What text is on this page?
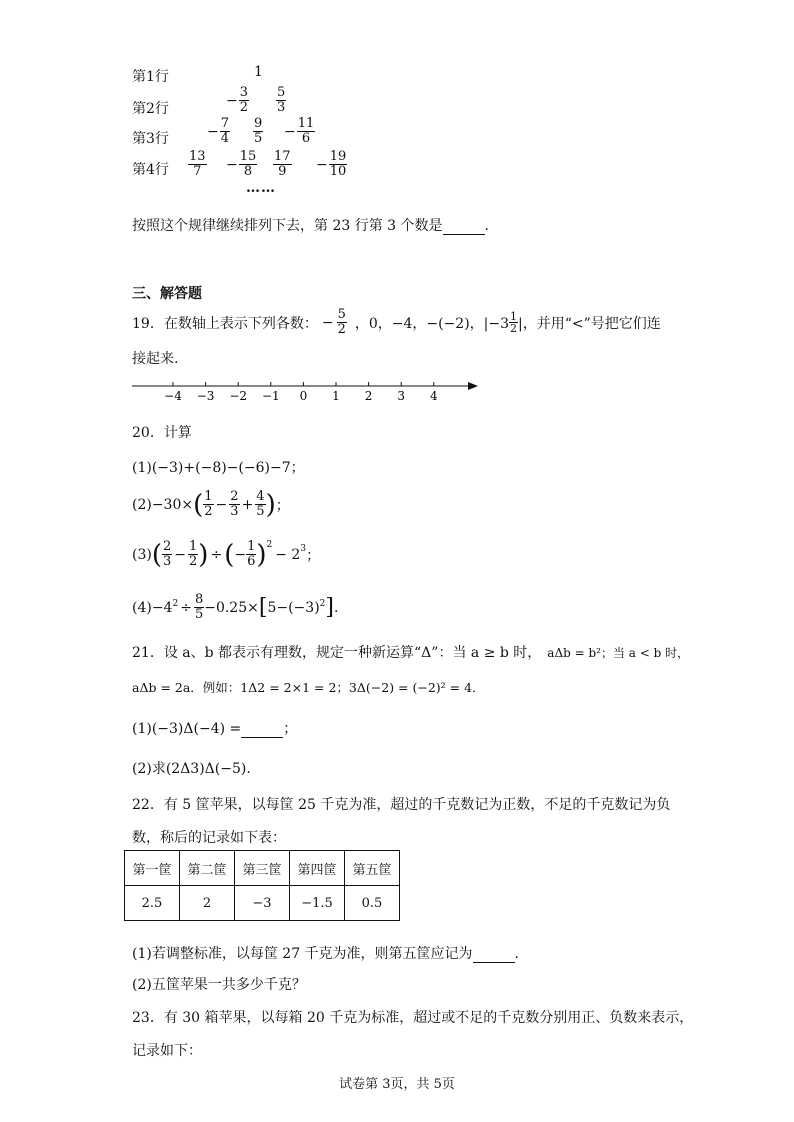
第1行	1
第2行
− $\frac{3}{2} \frac{5}{3}$
第3行	− $\frac{7}{4} \frac{9}{5} - \frac{11}{6}$
第4行 $\frac{13}{7} - \frac{15}{8} \frac{17}{9} - \frac{19}{10}$
……
按照这个规律继续排列下去，第 23 行第 3 个数是	.
三、解答题
19．在数轴上表示下列各数： − $\frac{5}{2}$ ，0，−4，−(−2)，$|-3 \frac{1}{2}$ |，并用“<”号把它们连
接起来.
−4 −3 −2 −1 0 1 2 3 4
20．计算
(1)(−3)+(−8)−(−6)−7；
(2)−30× ( $\frac{1}{2} - \frac{2}{3} + \frac{4}{5}$ ) ；
(3) ( $\frac{2}{3} - \frac{1}{2}$ ) ÷ ( − $\frac{1}{6}$ ) 2
− 2 3 ；
(4)−4 $2 \div \frac{8}{5} -0.25\times$ [ 5−(−3) 2 ] .
21．设 a、b 都表示有理数，规定一种新运算“Δ”：当 a ≥ b 时， aΔb = b²；当 a < b 时，
aΔb = 2a．例如：1Δ2 = 2×1 = 2；3Δ(−2) = (−2)² = 4．
(1)(−3)Δ(−4) =	；
(2)求(2Δ3)Δ(−5).
22．有 5 筐苹果，以每筐 25 千克为准，超过的千克数记为正数，不足的千克数记为负
数，称后的记录如下表：
第一筐	第二筐	第三筐	第四筐	第五筐
2.5	2	−3	−1.5	0.5
(1)若调整标准，以每筐 27 千克为准，则第五筐应记为	.
(2)五筐苹果一共多少千克？
23．有 30 箱苹果，以每箱 20 千克为标准，超过或不足的千克数分别用正、负数来表示，
记录如下：
试卷第 3页，共 5页
